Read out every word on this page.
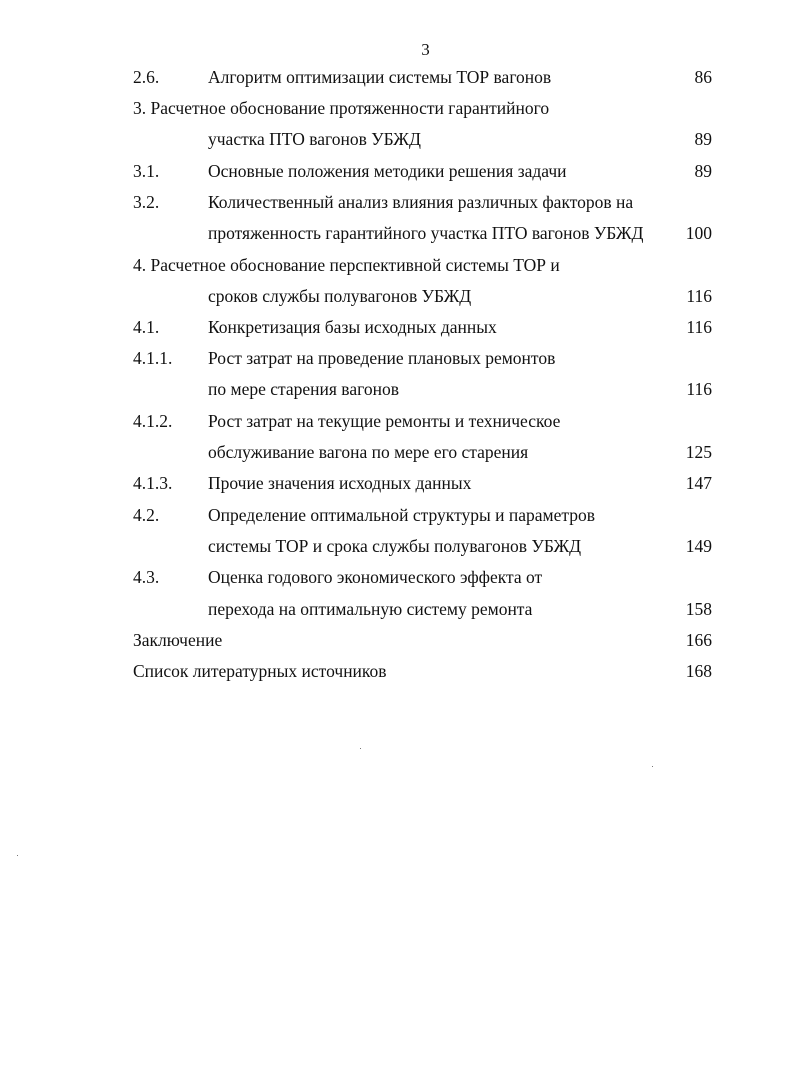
3
2.6.	Алгоритм оптимизации системы ТОР вагонов	86
3. Расчетное обоснование протяженности гарантийного
участка ПТО вагонов УБЖД	89
3.1.	Основные положения методики решения задачи	89
3.2.	Количественный анализ влияния различных факторов на
протяженность гарантийного участка ПТО вагонов УБЖД 100
4. Расчетное обоснование перспективной системы ТОР и
сроков службы полувагонов УБЖД	116
4.1.	Конкретизация базы исходных данных	116
4.1.1. Рост затрат на проведение плановых ремонтов
по мере старения вагонов	116
4.1.2. Рост затрат на текущие ремонты и техническое
обслуживание вагона по мере его старения	125
4.1.3. Прочие значения исходных данных	147
4.2.	Определение оптимальной структуры и параметров
системы ТОР и срока службы полувагонов УБЖД	149
4.3.	Оценка годового экономического эффекта от
перехода на оптимальную систему ремонта	158
Заключение	166
Список литературных источников	168
